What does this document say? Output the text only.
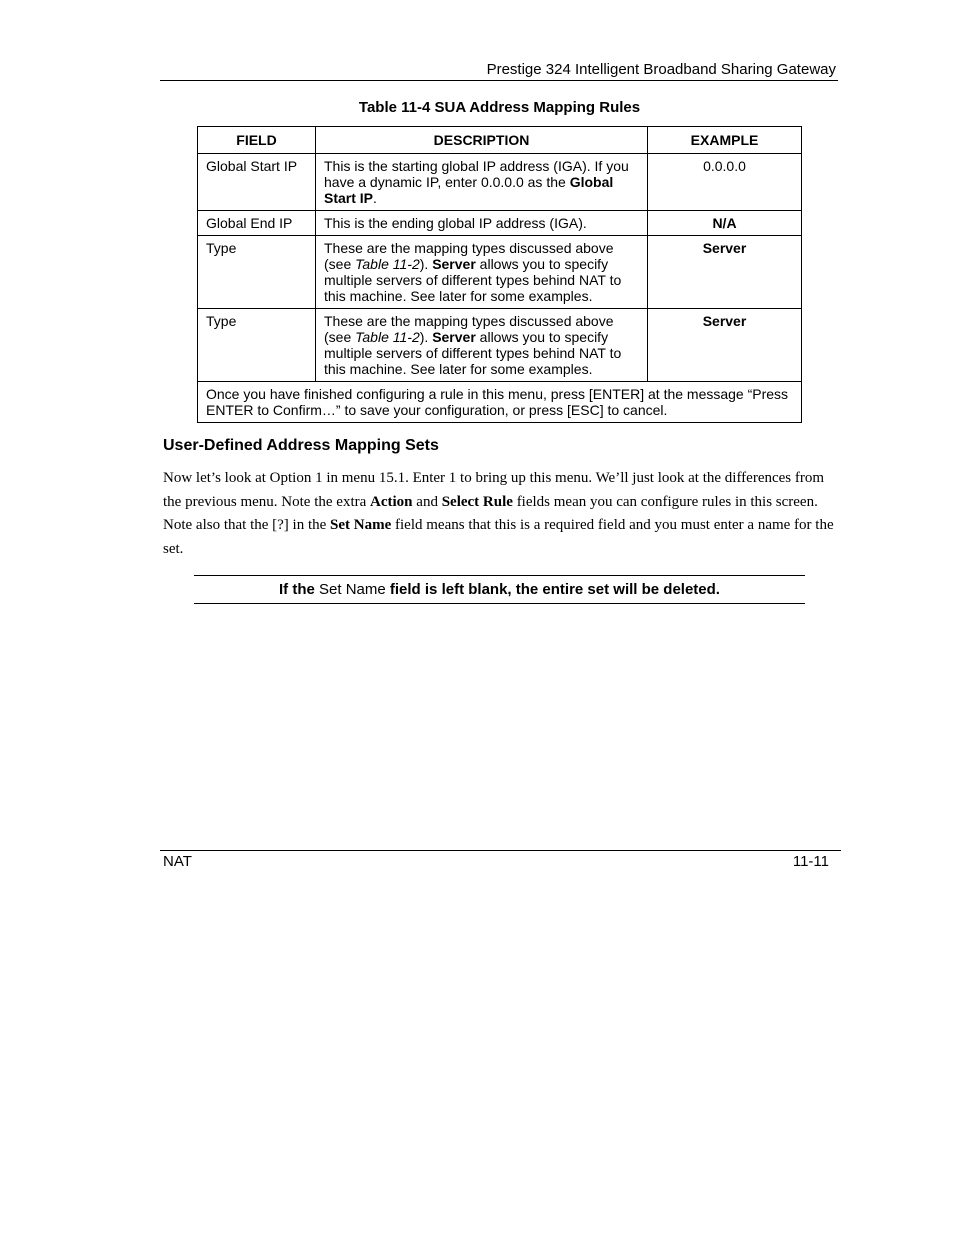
Prestige 324 Intelligent Broadband Sharing Gateway
Table 11-4 SUA Address Mapping Rules
FIELD	DESCRIPTION	EXAMPLE
Global Start IP	This is the starting global IP address (IGA). If you have a dynamic IP, enter 0.0.0.0 as the Global Start IP.	0.0.0.0
Global End IP	This is the ending global IP address (IGA).	N/A
Type	These are the mapping types discussed above (see Table 11-2). Server allows you to specify multiple servers of different types behind NAT to this machine. See later for some examples.	Server
Type	These are the mapping types discussed above (see Table 11-2). Server allows you to specify multiple servers of different types behind NAT to this machine. See later for some examples.	Server
Once you have finished configuring a rule in this menu, press [ENTER] at the message “Press ENTER to Confirm…” to save your configuration, or press [ESC] to cancel.		
User-Defined Address Mapping Sets
Now let’s look at Option 1 in menu 15.1. Enter 1 to bring up this menu. We’ll just look at the differences from the previous menu. Note the extra Action and Select Rule fields mean you can configure rules in this screen. Note also that the [?] in the Set Name field means that this is a required field and you must enter a name for the set.
If the Set Name field is left blank, the entire set will be deleted.
NAT	11-11
